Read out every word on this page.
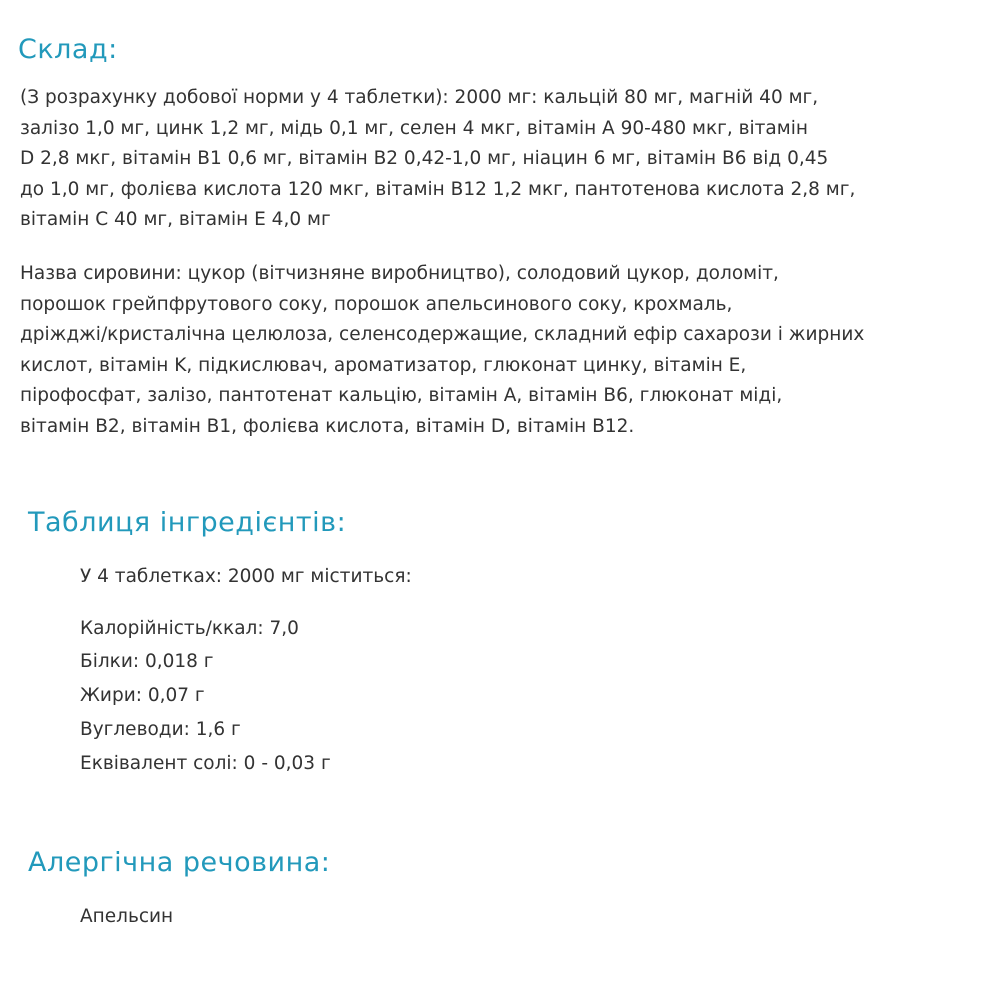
Склад:
(З розрахунку добової норми у 4 таблетки): 2000 мг: кальцій 80 мг, магній 40 мг,
залізо 1,0 мг, цинк 1,2 мг, мідь 0,1 мг, селен 4 мкг, вітамін A 90-480 мкг, вітамін
D 2,8 мкг, вітамін B1 0,6 мг, вітамін B2 0,42-1,0 мг, ніацин 6 мг, вітамін B6 від 0,45
до 1,0 мг, фолієва кислота 120 мкг, вітамін B12 1,2 мкг, пантотенова кислота 2,8 мг,
вітамін C 40 мг, вітамін E 4,0 мг
Назва сировини: цукор (вітчизняне виробництво), солодовий цукор, доломіт,
порошок грейпфрутового соку, порошок апельсинового соку, крохмаль,
дріжджі/кристалічна целюлоза, селенсодержащие, складний ефір сахарози і жирних
кислот, вітамін K, підкислювач, ароматизатор, глюконат цинку, вітамін E,
пірофосфат, залізо, пантотенат кальцію, вітамін A, вітамін B6, глюконат міді,
вітамін B2, вітамін B1, фолієва кислота, вітамін D, вітамін B12.
Таблиця інгредієнтів:

У 4 таблетках: 2000 мг міститься:

Калорійність/ккал: 7,0

Білки: 0,018 г

Жири: 0,07 г

Вуглеводи: 1,6 г

Еквівалент солі: 0 - 0,03 г

Алергічна речовина:

Апельсин
